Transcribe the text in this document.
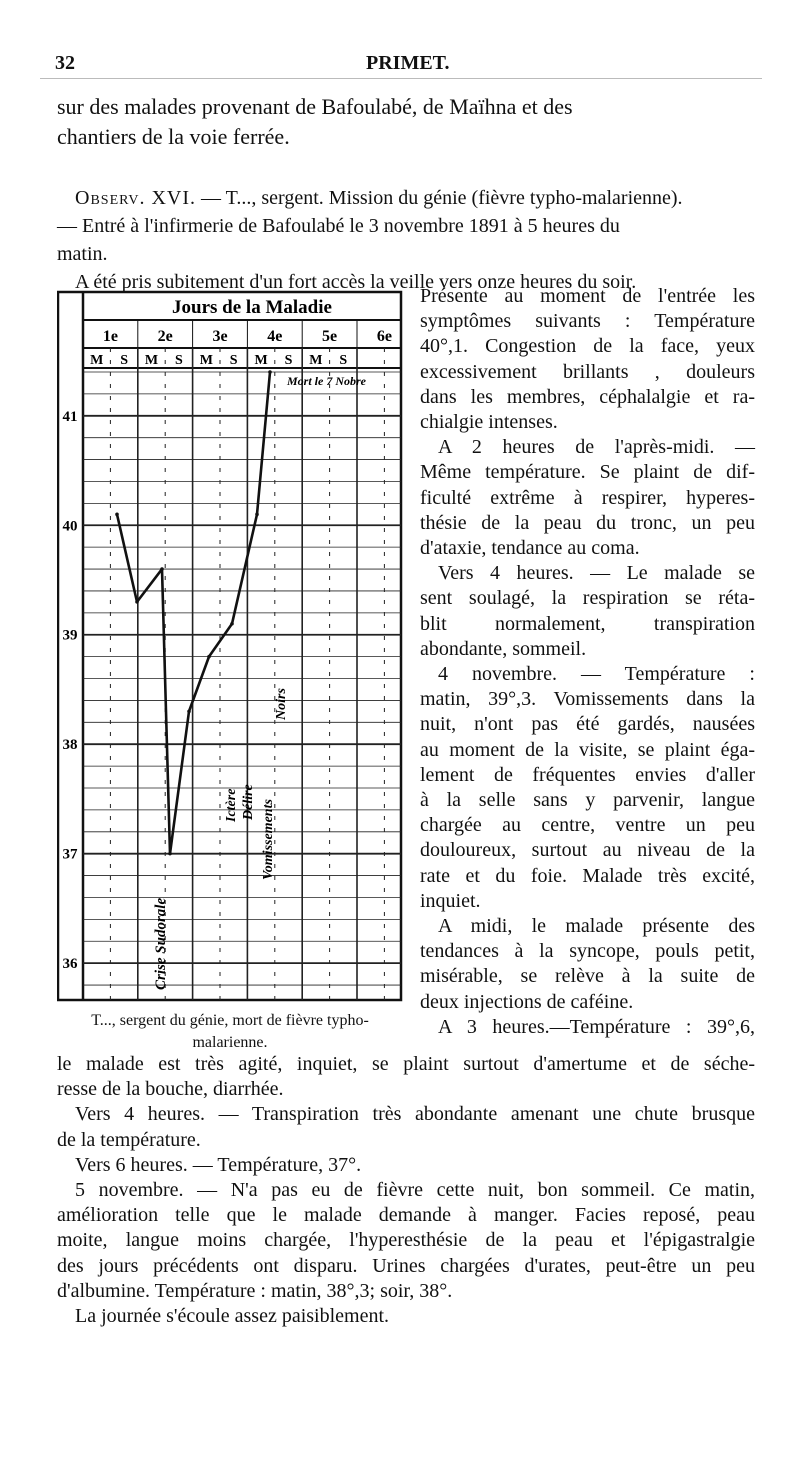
32	PRIMET.

sur des malades provenant de Bafoulabé, de Maïhna et des

chantiers de la voie ferrée.

Observ. XVI. — T..., sergent. Mission du génie (fièvre typho-malarienne).

— Entré à l'infirmerie de Bafoulabé le 3 novembre 1891 à 5 heures du

matin.

A été pris subitement d'un fort accès la veille vers onze heures du soir.

Jours de la Maladie
1e 2e 3e 4e 5e 6e
M S M S M S M S M S
41
40
39
38
37
36
Mort le 7 Nobre
Crise Sudorale
Ictère Délire Vomissements
Noirs
T..., sergent du génie, mort de fièvre typho-
malarienne.

Présente au moment de l'entrée les

symptômes suivants : Température

40°,1. Congestion de la face, yeux

excessivement brillants , douleurs

dans les membres, céphalalgie et ra-

chialgie intenses.

A 2 heures de l'après-midi. —

Même température. Se plaint de dif-

ficulté extrême à respirer, hyperes-

thésie de la peau du tronc, un peu

d'ataxie, tendance au coma.

Vers 4 heures. — Le malade se

sent soulagé, la respiration se réta-

blit normalement, transpiration

abondante, sommeil.

4 novembre. — Température :

matin, 39°,3. Vomissements dans la

nuit, n'ont pas été gardés, nausées

au moment de la visite, se plaint éga-

lement de fréquentes envies d'aller

à la selle sans y parvenir, langue

chargée au centre, ventre un peu

douloureux, surtout au niveau de la

rate et du foie. Malade très excité,

inquiet.

A midi, le malade présente des

tendances à la syncope, pouls petit,

misérable, se relève à la suite de

deux injections de caféine.

A 3 heures.—Température : 39°,6,

le malade est très agité, inquiet, se plaint surtout d'amertume et de séche-

resse de la bouche, diarrhée.

Vers 4 heures. — Transpiration très abondante amenant une chute brusque

de la température.

Vers 6 heures. — Température, 37°.

5 novembre. — N'a pas eu de fièvre cette nuit, bon sommeil. Ce matin,

amélioration telle que le malade demande à manger. Facies reposé, peau

moite, langue moins chargée, l'hyperesthésie de la peau et l'épigastralgie

des jours précédents ont disparu. Urines chargées d'urates, peut-être un peu

d'albumine. Température : matin, 38°,3; soir, 38°.

La journée s'écoule assez paisiblement.
